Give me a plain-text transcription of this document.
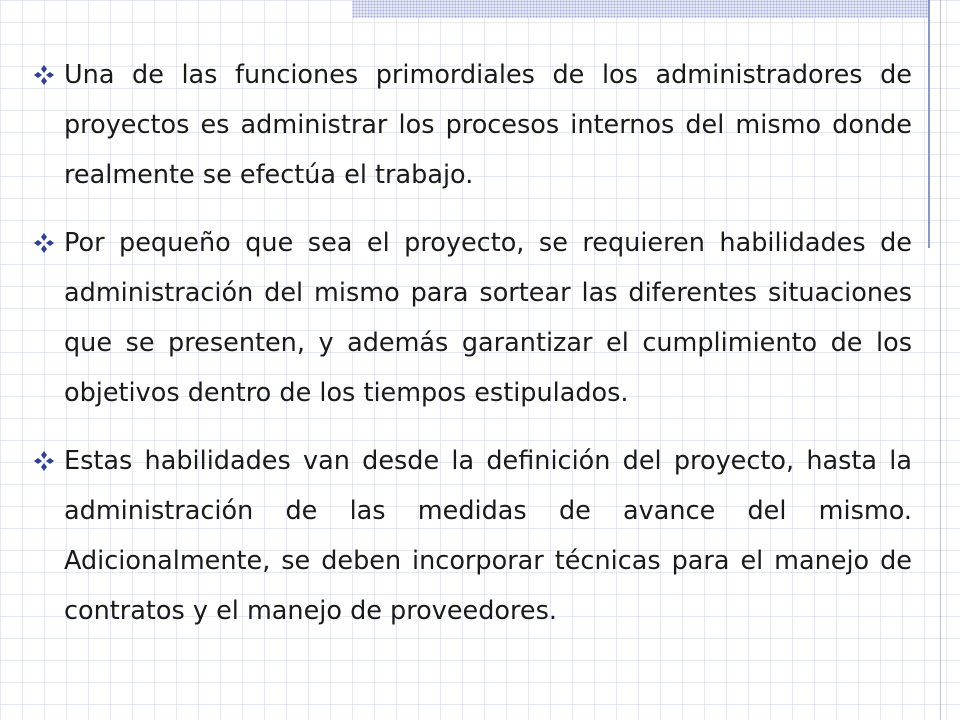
Una de las funciones primordiales de los administradores de proyectos es administrar los procesos internos del mismo donde realmente se efectúa el trabajo.
Por pequeño que sea el proyecto, se requieren habilidades de administración del mismo para sortear las diferentes situaciones que se presenten, y además garantizar el cumplimiento de los objetivos dentro de los tiempos estipulados.
Estas habilidades van desde la definición del proyecto, hasta la administración de las medidas de avance del mismo. Adicionalmente, se deben incorporar técnicas para el manejo de contratos y el manejo de proveedores.
